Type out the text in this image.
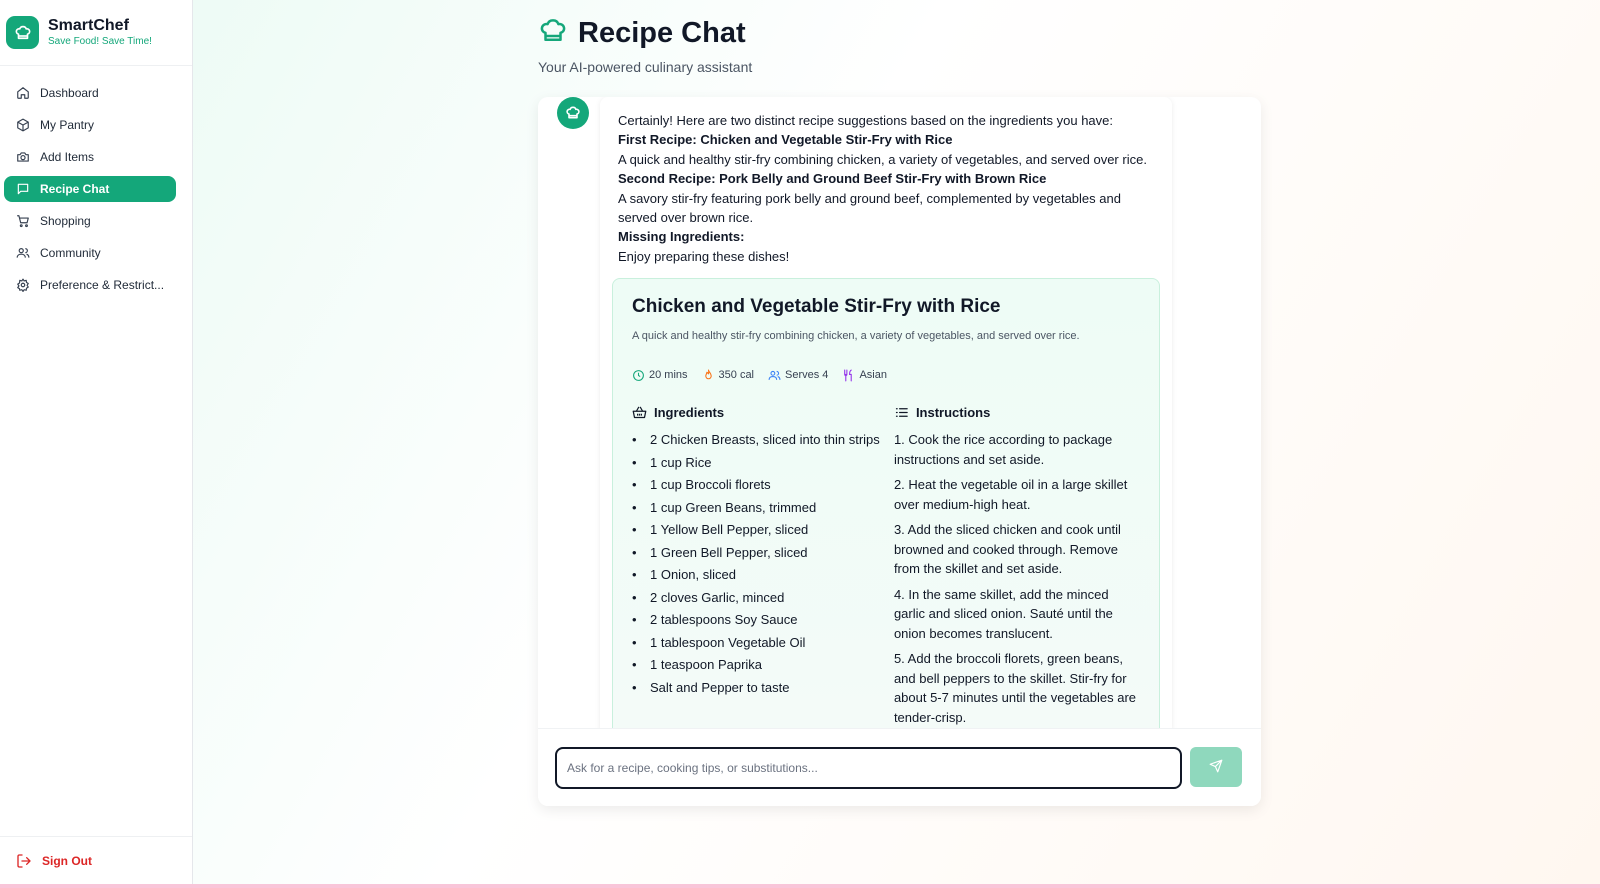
SmartChef
Save Food! Save Time!
Dashboard
My Pantry
Add Items
Recipe Chat
Shopping
Community
Preference & Restrict...
Sign Out
Recipe Chat
Your AI-powered culinary assistant
Certainly! Here are two distinct recipe suggestions based on the ingredients you have:
First Recipe: Chicken and Vegetable Stir-Fry with Rice
A quick and healthy stir-fry combining chicken, a variety of vegetables, and served over rice.
Second Recipe: Pork Belly and Ground Beef Stir-Fry with Brown Rice
A savory stir-fry featuring pork belly and ground beef, complemented by vegetables and served over brown rice.
Missing Ingredients:
Enjoy preparing these dishes!
Chicken and Vegetable Stir-Fry with Rice
A quick and healthy stir-fry combining chicken, a variety of vegetables, and served over rice.
20 mins	350 cal	Serves 4	Asian
Ingredients
• 2 Chicken Breasts, sliced into thin strips
• 1 cup Rice
• 1 cup Broccoli florets
• 1 cup Green Beans, trimmed
• 1 Yellow Bell Pepper, sliced
• 1 Green Bell Pepper, sliced
• 1 Onion, sliced
• 2 cloves Garlic, minced
• 2 tablespoons Soy Sauce
• 1 tablespoon Vegetable Oil
• 1 teaspoon Paprika
• Salt and Pepper to taste
Instructions
1. Cook the rice according to package instructions and set aside.
2. Heat the vegetable oil in a large skillet over medium-high heat.
3. Add the sliced chicken and cook until browned and cooked through. Remove from the skillet and set aside.
4. In the same skillet, add the minced garlic and sliced onion. Sauté until the onion becomes translucent.
5. Add the broccoli florets, green beans, and bell peppers to the skillet. Stir-fry for about 5-7 minutes until the vegetables are tender-crisp.
Ask for a recipe, cooking tips, or substitutions...
